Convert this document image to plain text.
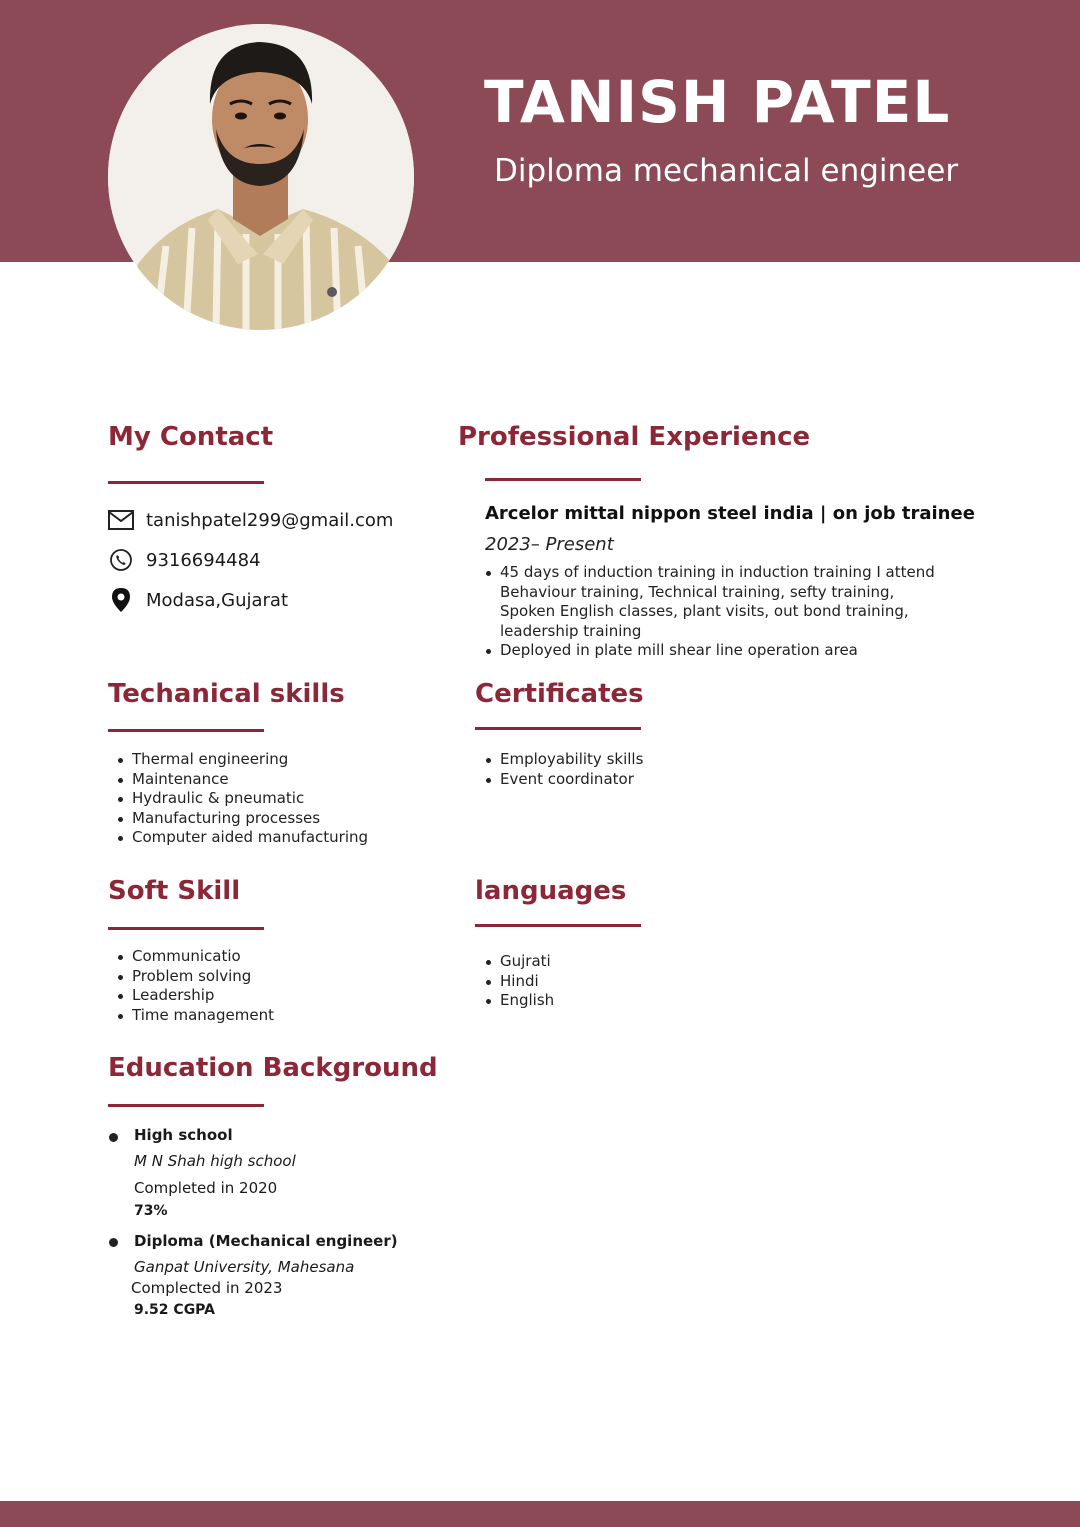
TANISH PATEL
Diploma mechanical engineer
My Contact
tanishpatel299@gmail.com
9316694484
Modasa,Gujarat
Professional Experience
Arcelor mittal nippon steel india | on job trainee
2023– Present
45 days of induction training in induction training I attend Behaviour training, Technical training, sefty training, Spoken English classes, plant visits, out bond training, leadership training
Deployed in plate mill shear line operation area
Techanical skills
Thermal engineering
Maintenance
Hydraulic & pneumatic
Manufacturing processes
Computer aided manufacturing
Certificates
Employability skills
Event coordinator
Soft Skill
Communicatio
Problem solving
Leadership
Time management
languages
Gujrati
Hindi
English
Education Background
High school
M N Shah high school
Completed in 2020
73%
Diploma (Mechanical engineer)
Ganpat University, Mahesana
Complected in 2023
9.52 CGPA
